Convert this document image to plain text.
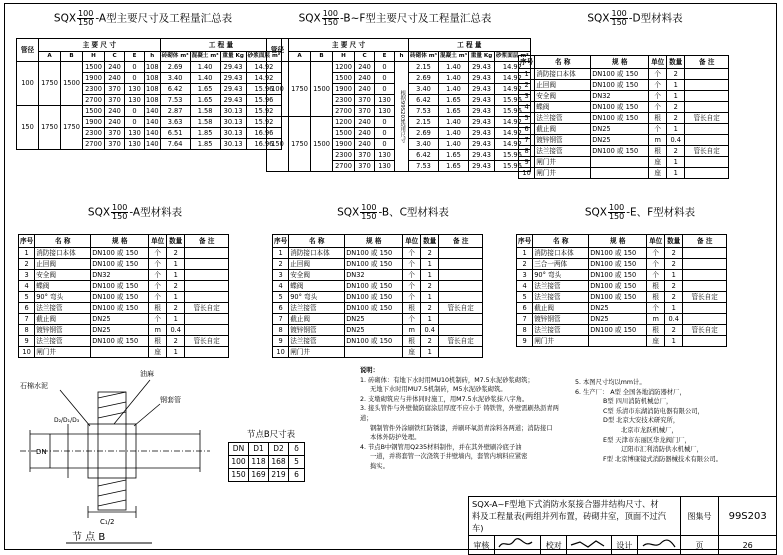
SQX $\frac{100}{150} -A$型主要尺寸及工程量汇总表
管径	主 要 尺 寸						工 程 量			
	A	B	H	C	E	h	砖砌体 m³	混凝土 m³	重量 Kg	砂浆面层 m²
100	1750	1500	1500	240	0	108	2.69	1.40	29.43	14.92
			1900	240	0	108	3.40	1.40	29.43	14.92
			2300	370	130	108	6.42	1.65	29.43	15.96
			2700	370	130	108	7.53	1.65	29.43	15.96
150	1750	1750	1500	240	0	140	2.87	1.58	30.13	15.92
			1900	240	0	140	3.63	1.58	30.13	15.92
			2300	370	130	140	6.51	1.85	30.13	16.96
			2700	370	130	140	7.64	1.85	30.13	16.96
SQX $\frac{100}{150}$ -B~F型主要尺寸及工程量汇总表
管径	主 要 尺 寸						工 程 量			
	A	B	H	C	E	h	砖砌体 m³	混凝土 m³	重量 Kg	砂浆面层 m²
100	1750	1500	1200	240	0	根据99S203选用尺寸	2.15	1.40	29.43	14.92
			1500	240	0		2.69	1.40	29.43	14.92
			1900	240	0		3.40	1.40	29.43	14.92
			2300	370	130		6.42	1.65	29.43	15.96
			2700	370	130		7.53	1.65	29.43	15.96
150	1750	1500	1200	240	0		2.15	1.40	29.43	14.92
			1500	240	0		2.69	1.40	29.43	14.92
			1900	240	0		3.40	1.40	29.43	14.92
			2300	370	130		6.42	1.65	29.43	15.96
			2700	370	130		7.53	1.65	29.43	15.96
SQX $\frac{100}{150} -D$型材料表
序号	名 称	规 格	单位	数量	备 注
1	消防接口本体	DN100 或 150	个	2	
2	止回阀	DN100 或 150	个	1	
3	安全阀	DN32	个	1	
4	蝶阀	DN100 或 150	个	2	
5	法兰接管	DN100 或 150	根	2	管长自定
6	截止阀	DN25	个	1	
7	镀锌钢管	DN25	m	0.4	
8	法兰接管	DN100 或 150	根	2	管长自定
9	闸门井		座	1	
10	闸门井		座	1	
SQX $\frac{100}{150} -A$型材料表
序号	名 称	规 格	单位	数量	备 注
1	消防接口本体	DN100 或 150	个	2	
2	止回阀	DN100 或 150	个	1	
3	安全阀	DN32	个	1	
4	蝶阀	DN100 或 150	个	2	
5	90° 弯头	DN100 或 150	个	1	
6	法兰接管	DN100 或 150	根	2	管长自定
7	截止阀	DN25	个	1	
8	镀锌钢管	DN25	m	0.4	
9	法兰接管	DN100 或 150	根	2	管长自定
10	闸门井		座	1	
SQX $\frac{100}{150} -B$、C型材料表
序号	名 称	规 格	单位	数量	备 注
1	消防接口本体	DN100 或 150	个	2	
2	止回阀	DN100 或 150	个	1	
3	安全阀	DN32	个	1	
4	蝶阀	DN100 或 150	个	2	
5	90° 弯头	DN100 或 150	个	1	
6	法兰接管	DN100 或 150	根	2	管长自定
7	截止阀	DN25	个	1	
8	镀锌钢管	DN25	m	0.4	
9	法兰接管	DN100 或 150	根	2	管长自定
10	闸门井		座	1	
SQX $\frac{100}{150} -E$、F型材料表
序号	名 称	规 格	单位	数量	备 注
1	消防接口本体	DN100 或 150	个	2	
2	三合一两体	DN100 或 150	个	2	
3	90° 弯头	DN100 或 150	个	1	
4	法兰接管	DN100 或 150	根	2	
5	法兰接管	DN100 或 150	根	2	管长自定
6	截止阀	DN25	个	1	
7	镀锌钢管	DN25	m	0.4	
8	法兰接管	DN100 或 150	根	2	管长自定
9	闸门井		座	1	
石棉水泥
油麻
钢套管
DN
D₂/D₁/D₃
C₁/2
节 点 B
节点B尺寸表
DN	D1	D2	δ
100	118	168	5
150	169	219	6
说明：
1. 砖砌体：有地下水时用MU10机制砖，M7.5水泥砂浆砌筑；
无地下水时用MU7.5机制砖，M5水泥砂浆砌筑。
2. 支墩砌筑应与井体同时施工，用M7.5水泥砂浆抹八字角。
3. 接头管件与外壁做防腐涂层厚度不应小于 铸铁管，外壁需刷热沥青两道；
钢制管件外涂刷铁红防锈漆，并刷环氧沥青涂料各两道；消防接口
本体外防护处理。
4. 节点B中钢管用Q235材料制作，并在其外壁刷冷底子油
一道，并将套管一次浇筑于井壁墙内，套管内填料应紧密
捣实。
5. 本图尺寸均以mm计。
6. 生产厂： A型 全国各地消防器材厂，
B型 四川消防机械总厂，
C型 乐清市东湖消防电器有限公司，
D型 北京大安技术研究所，
北京市龙跃机械厂，
E型 天津市东丽区华龙阀门厂，
辽阳市汇利消防供水机械厂，
F型 北京博康镜式消防器械技术有限公司。
SQX-A~F型地下式消防水泵接合器井结构尺寸、材
料及工程量表(两组并列布置，砖砌井室，顶面不过汽车)						图集号	99S203
审核		校对		设计		页	26
